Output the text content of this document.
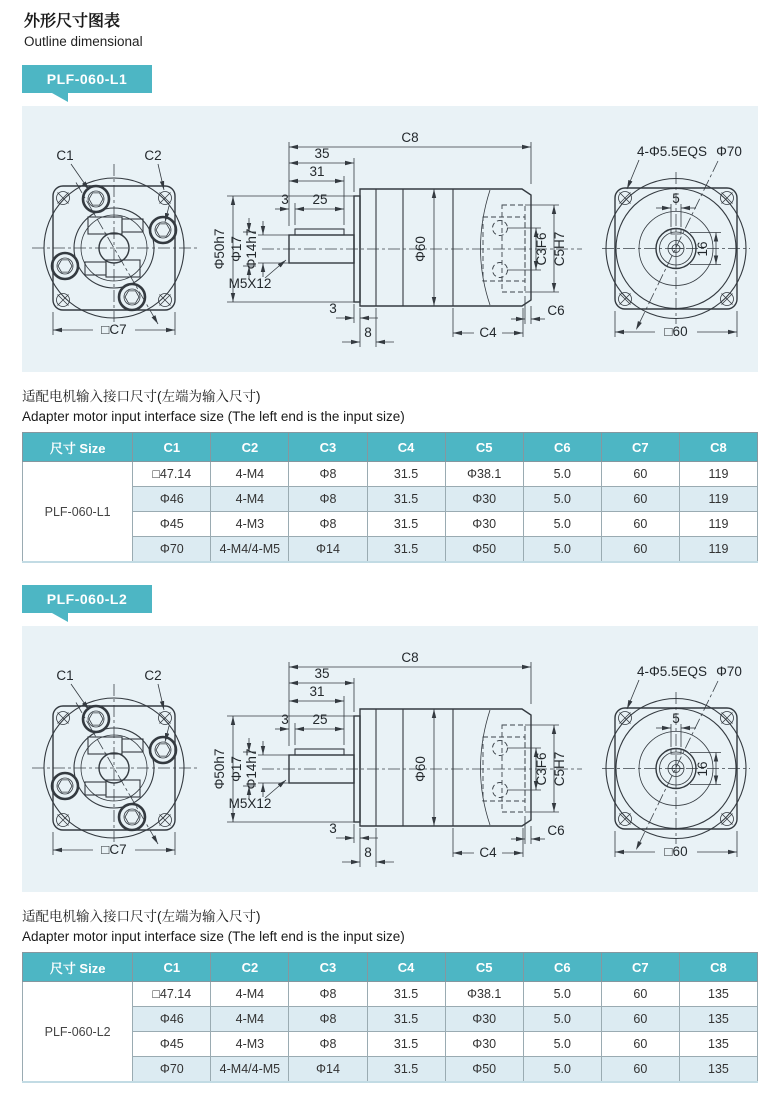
外形尺寸图表
Outline dimensional
PLF-060-L1
适配电机输入接口尺寸(左端为输入尺寸)
Adapter motor input interface size (The left end is the input size)
尺寸 Size	C1	C2	C3	C4	C5	C6	C7	C8
PLF-060-L1	□47.14	4-M4	Φ8	31.5	Φ38.1	5.0	60	119
	Φ46	4-M4	Φ8	31.5	Φ30	5.0	60	119
	Φ45	4-M3	Φ8	31.5	Φ30	5.0	60	119
	Φ70	4-M4/4-M5	Φ14	31.5	Φ50	5.0	60	119
PLF-060-L2
适配电机输入接口尺寸(左端为输入尺寸)
Adapter motor input interface size (The left end is the input size)
尺寸 Size	C1	C2	C3	C4	C5	C6	C7	C8
PLF-060-L2	□47.14	4-M4	Φ8	31.5	Φ38.1	5.0	60	135
	Φ46	4-M4	Φ8	31.5	Φ30	5.0	60	135
	Φ45	4-M3	Φ8	31.5	Φ30	5.0	60	135
	Φ70	4-M4/4-M5	Φ14	31.5	Φ50	5.0	60	135
